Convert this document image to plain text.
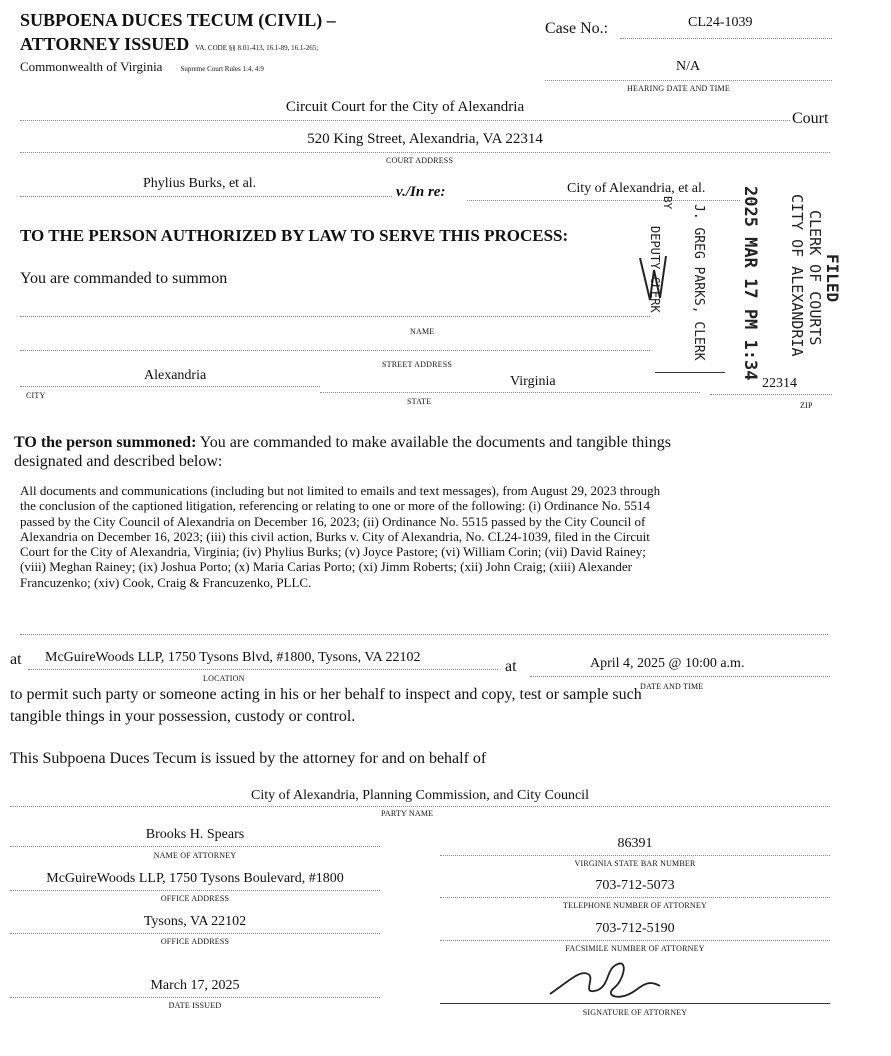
SUBPOENA DUCES TECUM (CIVIL) –
ATTORNEY ISSUED VA. CODE §§ 8.01-413, 16.1-89, 16.1-265;
Commonwealth of Virginia	Supreme Court Rules 1:4, 4:9
Case No.:	CL24-1039
N/A
HEARING DATE AND TIME
Circuit Court for the City of Alexandria
Court
520 King Street, Alexandria, VA 22314
COURT ADDRESS
Phylius Burks, et al.
v./In re:	City of Alexandria, et al.
TO THE PERSON AUTHORIZED BY LAW TO SERVE THIS PROCESS:
You are commanded to summon
NAME
STREET ADDRESS
Alexandria
CITY
Virginia
STATE
22314
ZIP
FILED
CLERK OF COURTS
CITY OF ALEXANDRIA
2025 MAR 17 PM 1:34
J. GREG PARKS, CLERK
BY
DEPUTY CLERK
TO the person summoned: You are commanded to make available the documents and tangible things
designated and described below:
All documents and communications (including but not limited to emails and text messages), from August 29, 2023 through
the conclusion of the captioned litigation, referencing or relating to one or more of the following: (i) Ordinance No. 5514
passed by the City Council of Alexandria on December 16, 2023; (ii) Ordinance No. 5515 passed by the City Council of
Alexandria on December 16, 2023; (iii) this civil action, Burks v. City of Alexandria, No. CL24-1039, filed in the Circuit
Court for the City of Alexandria, Virginia; (iv) Phylius Burks; (v) Joyce Pastore; (vi) William Corin; (vii) David Rainey;
(viii) Meghan Rainey; (ix) Joshua Porto; (x) Maria Carias Porto; (xi) Jimm Roberts; (xii) John Craig; (xiii) Alexander
Francuzenko; (xiv) Cook, Craig & Francuzenko, PLLC.
at McGuireWoods LLP, 1750 Tysons Blvd, #1800, Tysons, VA 22102
LOCATION
at	April 4, 2025 @ 10:00 a.m.
DATE AND TIME
to permit such party or someone acting in his or her behalf to inspect and copy, test or sample such
tangible things in your possession, custody or control.
This Subpoena Duces Tecum is issued by the attorney for and on behalf of
City of Alexandria, Planning Commission, and City Council
PARTY NAME
Brooks H. Spears
NAME OF ATTORNEY
McGuireWoods LLP, 1750 Tysons Boulevard, #1800
OFFICE ADDRESS
Tysons, VA 22102
OFFICE ADDRESS
March 17, 2025
DATE ISSUED
86391
VIRGINIA STATE BAR NUMBER
703-712-5073
TELEPHONE NUMBER OF ATTORNEY
703-712-5190
FACSIMILE NUMBER OF ATTORNEY
SIGNATURE OF ATTORNEY
